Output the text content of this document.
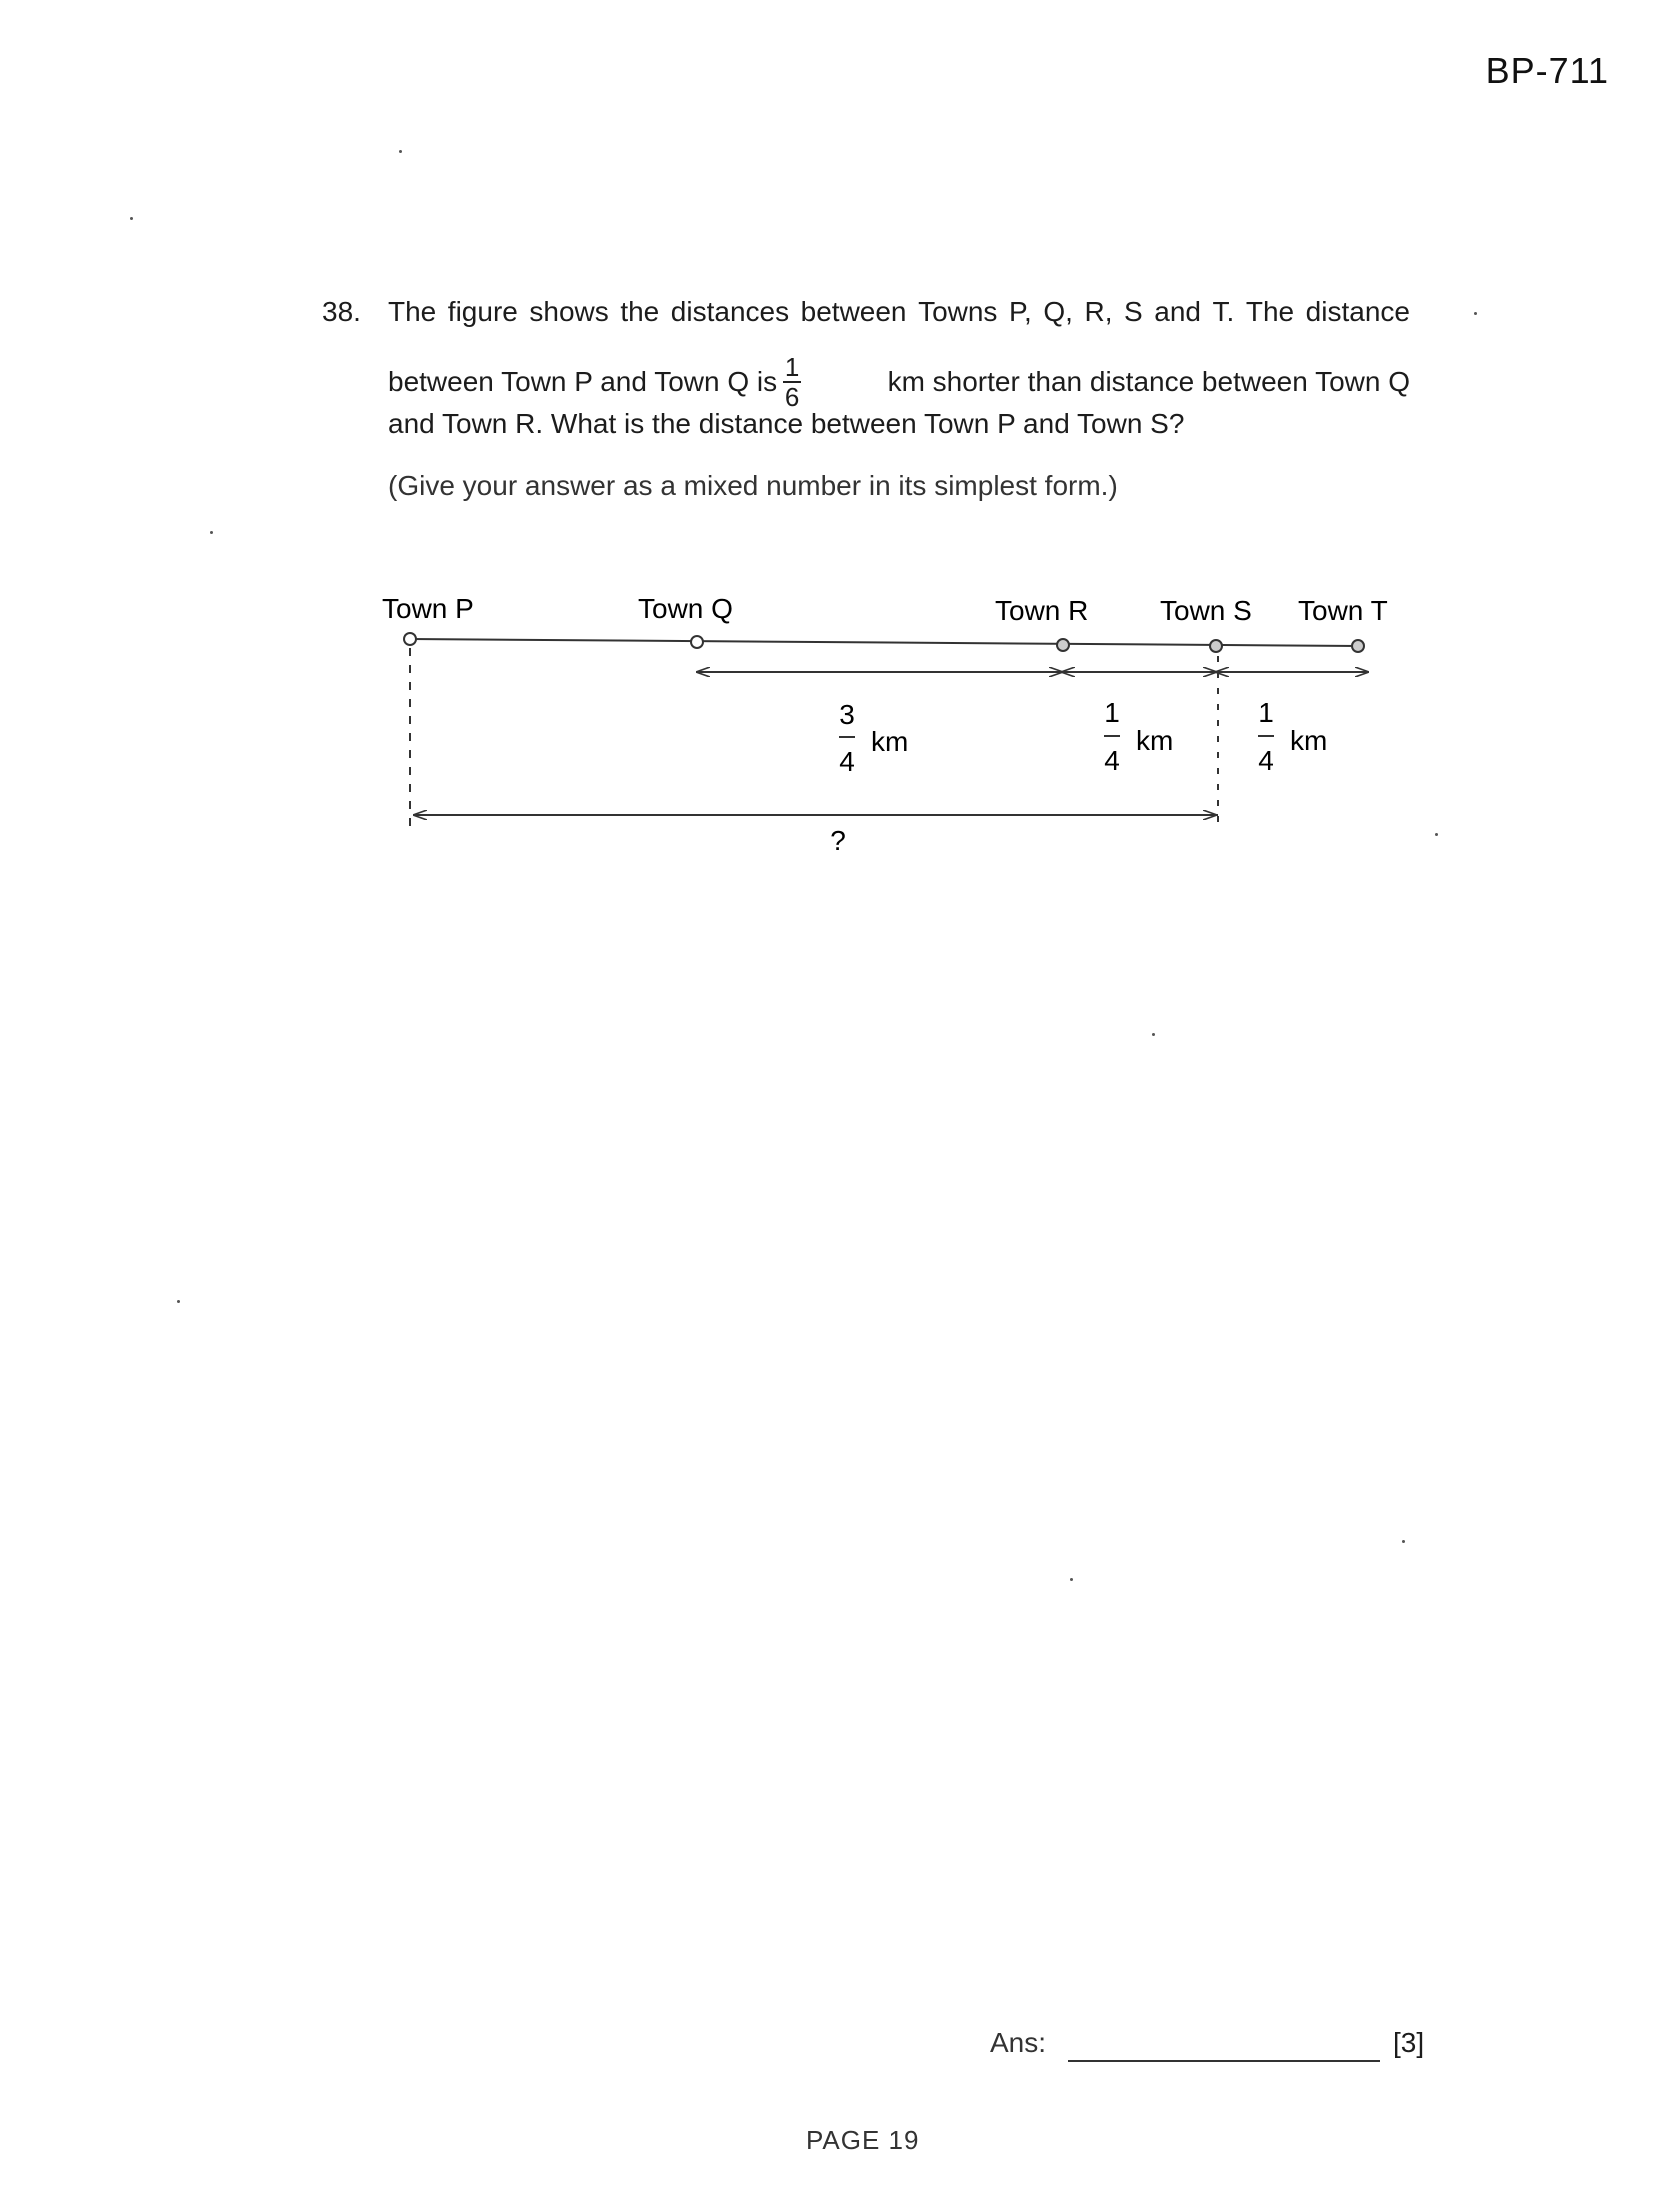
BP-711
38. The figure shows the distances between Towns P, Q, R, S and T. The distance
between Town P and Town Q is $\frac{1}{6}$	km shorter than distance between Town Q
and Town R. What is the distance between Town P and Town S?
(Give your answer as a mixed number in its simplest form.)
Town P	Town Q	Town R	Town S Town T
3
4
km
1
4
km
1
4
km
?
Ans:	[3]
PAGE 19
